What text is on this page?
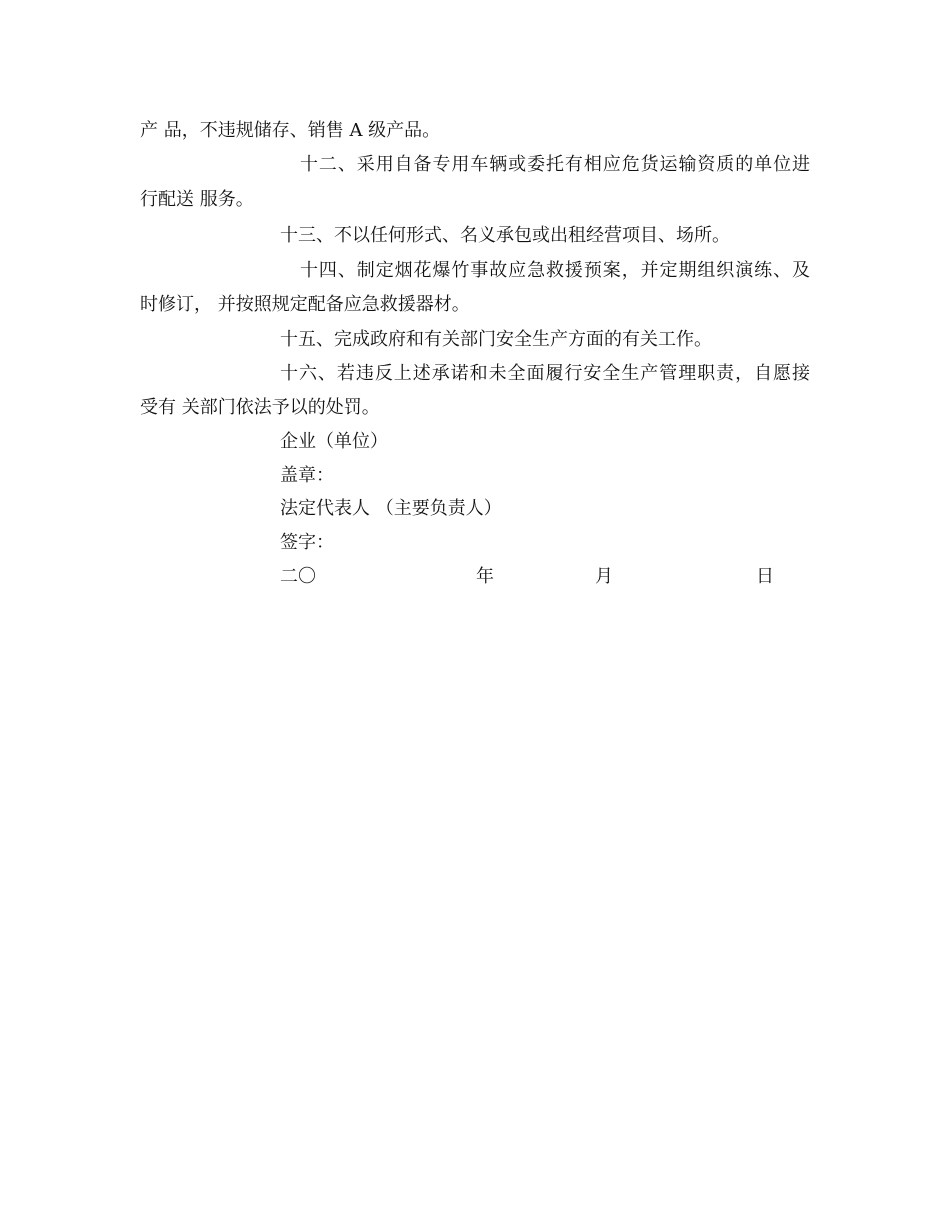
产 品，不违规储存、销售 A 级产品。
十二、采用自备专用车辆或委托有相应危货运输资质的单位进
行配送 服务。
十三、不以任何形式、名义承包或出租经营项目、场所。
十四、制定烟花爆竹事故应急救援预案，并定期组织演练、及
时修订， 并按照规定配备应急救援器材。
十五、完成政府和有关部门安全生产方面的有关工作。
十六、若违反上述承诺和未全面履行安全生产管理职责，自愿接
受有 关部门依法予以的处罚。
企业（单位）
盖章：
法定代表人 （主要负责人）
签字：
二〇	年	月	日
